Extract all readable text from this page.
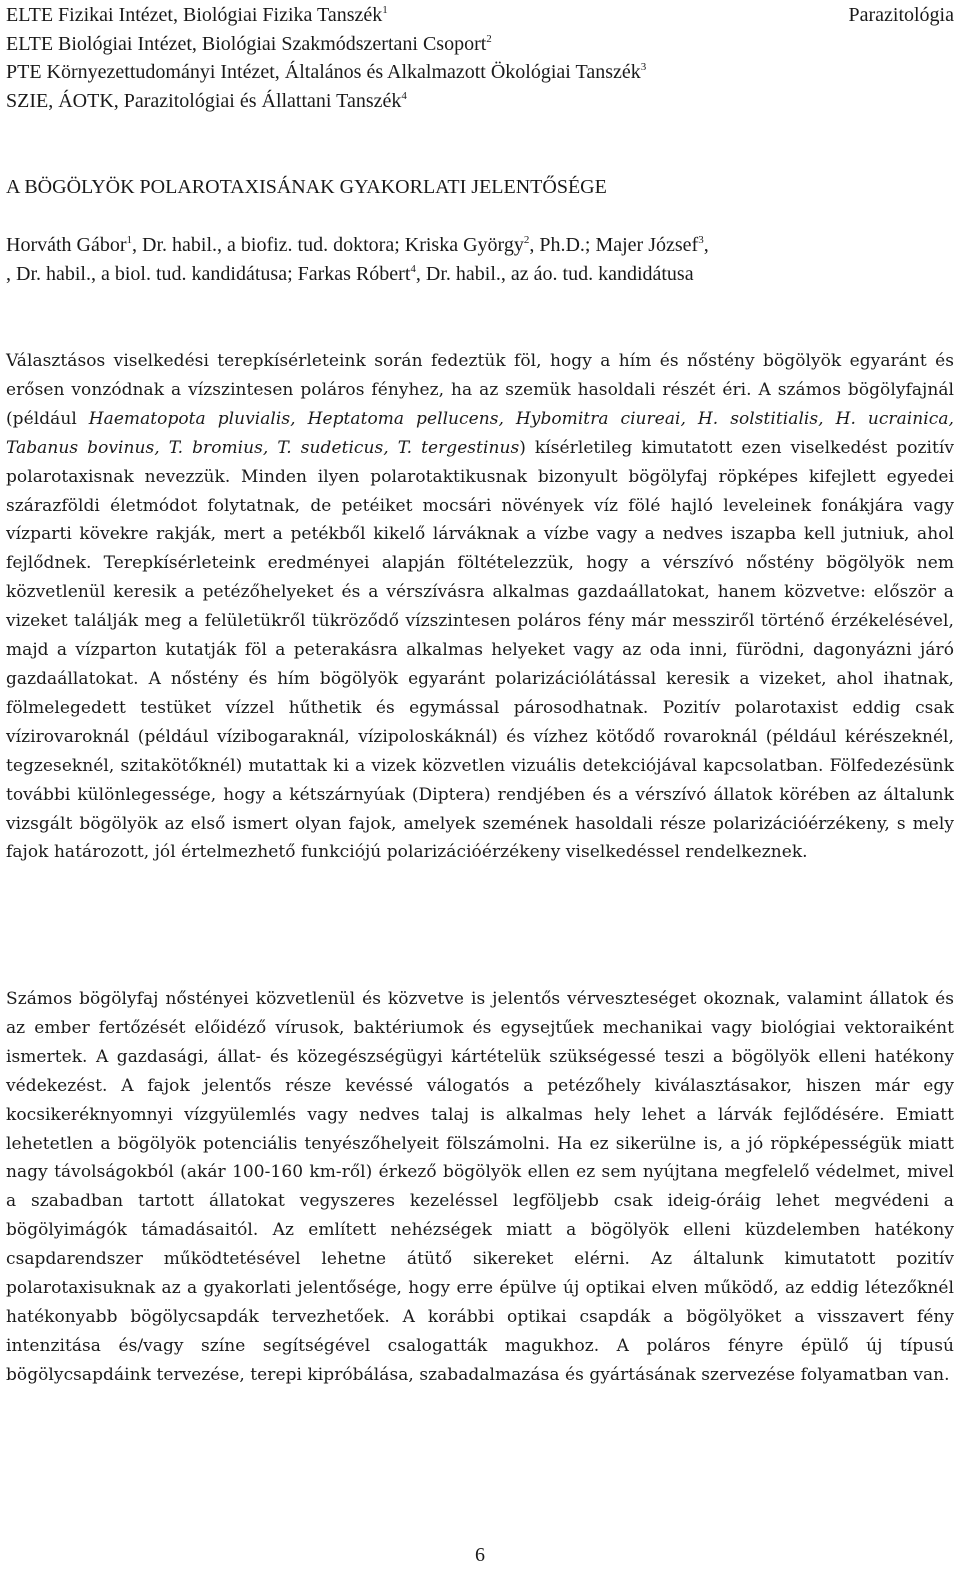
Parazitológia
ELTE Fizikai Intézet, Biológiai Fizika Tanszék$^1$
ELTE Biológiai Intézet, Biológiai Szakmódszertani Csoport$^2$
PTE Környezettudományi Intézet, Általános és Alkalmazott Ökológiai Tanszék$^3$
SZIE, ÁOTK, Parazitológiai és Állattani Tanszék$^4$
A BÖGÖLYÖK POLAROTAXISÁNAK GYAKORLATI JELENTŐSÉGE
Horváth Gábor$^1$, Dr. habil., a biofiz. tud. doktora; Kriska György$^2$, Ph.D.; Majer József$^3$,
, Dr. habil., a biol. tud. kandidátusa; Farkas Róbert$^4$, Dr. habil., az áo. tud. kandidátusa

Választásos viselkedési terepkísérleteink során fedeztük föl, hogy a hím és nőstény bögölyök egyaránt és erősen vonzódnak a vízszintesen poláros fényhez, ha az szemük hasoldali részét éri. A számos bögölyfajnál (például Haematopota pluvialis, Heptatoma pellucens, Hybomitra ciureai, H. solstitialis, H. ucrainica, Tabanus bovinus, T. bromius, T. sudeticus, T. tergestinus) kísérletileg kimutatott ezen viselkedést pozitív polarotaxisnak nevezzük. Minden ilyen polarotaktikusnak bizonyult bögölyfaj röpképes kifejlett egyedei szárazföldi életmódot folytatnak, de petéiket mocsári növények víz fölé hajló leveleinek fonákjára vagy vízparti kövekre rakják, mert a petékből kikelő lárváknak a vízbe vagy a nedves iszapba kell jutniuk, ahol fejlődnek. Terepkísérleteink eredményei alapján föltételezzük, hogy a vérszívó nőstény bögölyök nem közvetlenül keresik a petézőhelyeket és a vérszívásra alkalmas gazdaállatokat, hanem közvetve: először a vizeket találják meg a felületükről tükröződő vízszintesen poláros fény már messziről történő érzékelésével, majd a vízparton kutatják föl a peterakásra alkalmas helyeket vagy az oda inni, fürödni, dagonyázni járó gazdaállatokat. A nőstény és hím bögölyök egyaránt polarizációlátással keresik a vizeket, ahol ihatnak, fölmelegedett testüket vízzel hűthetik és egymással párosodhatnak. Pozitív polarotaxist eddig csak vízirovaroknál (például vízibogaraknál, vízipoloskáknál) és vízhez kötődő rovaroknál (például kérészeknél, tegzeseknél, szitakötőknél) mutattak ki a vizek közvetlen vizuális detekciójával kapcsolatban. Fölfedezésünk további különlegessége, hogy a kétszárnyúak (Diptera) rendjében és a vérszívó állatok körében az általunk vizsgált bögölyök az első ismert olyan fajok, amelyek szemének hasoldali része polarizációérzékeny, s mely fajok határozott, jól értelmezhető funkciójú polarizációérzékeny viselkedéssel rendelkeznek.

Számos bögölyfaj nőstényei közvetlenül és közvetve is jelentős vérveszteséget okoznak, valamint állatok és az ember fertőzését előidéző vírusok, baktériumok és egysejtűek mechanikai vagy biológiai vektoraiként ismertek. A gazdasági, állat- és közegészségügyi kártételük szükségessé teszi a bögölyök elleni hatékony védekezést. A fajok jelentős része kevéssé válogatós a petézőhely kiválasztásakor, hiszen már egy kocsikeréknyomnyi vízgyülemlés vagy nedves talaj is alkalmas hely lehet a lárvák fejlődésére. Emiatt lehetetlen a bögölyök potenciális tenyészőhelyeit fölszámolni. Ha ez sikerülne is, a jó röpképességük miatt nagy távolságokból (akár 100-160 km-ről) érkező bögölyök ellen ez sem nyújtana megfelelő védelmet, mivel a szabadban tartott állatokat vegyszeres kezeléssel legföljebb csak ideig-óráig lehet megvédeni a bögölyimágók támadásaitól. Az említett nehézségek miatt a bögölyök elleni küzdelemben hatékony csapdarendszer működtetésével lehetne átütő sikereket elérni. Az általunk kimutatott pozitív polarotaxisuknak az a gyakorlati jelentősége, hogy erre épülve új optikai elven működő, az eddig létezőknél hatékonyabb bögölycsapdák tervezhetőek. A korábbi optikai csapdák a bögölyöket a visszavert fény intenzitása és/vagy színe segítségével csalogatták magukhoz. A poláros fényre épülő új típusú bögölycsapdáink tervezése, terepi kipróbálása, szabadalmazása és gyártásának szervezése folyamatban van.

6
